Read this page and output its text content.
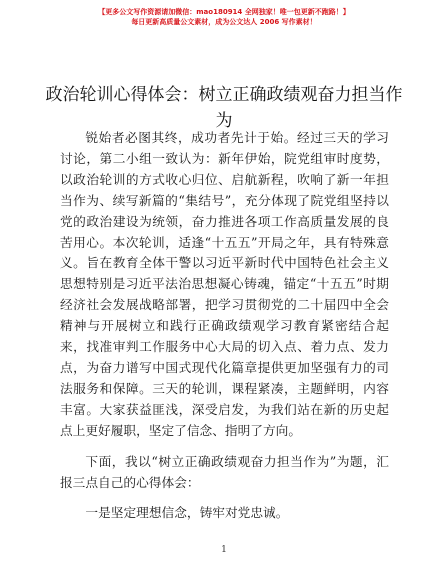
【更多公文写作资源请加微信：mao180914 全网独家！唯一包更新不跑路！】
每日更新高质量公文素材，成为公文达人 2006 写作素材！
政治轮训心得体会：树立正确政绩观奋力担当作为

锐始者必图其终，成功者先计于始。经过三天的学习讨论，第二小组一致认为：新年伊始，院党组审时度势，以政治轮训的方式收心归位、启航新程，吹响了新一年担当作为、续写新篇的“集结号”，充分体现了院党组坚持以党的政治建设为统领，奋力推进各项工作高质量发展的良苦用心。本次轮训，适逢“十五五”开局之年，具有特殊意义。旨在教育全体干警以习近平新时代中国特色社会主义思想特别是习近平法治思想凝心铸魂，锚定“十五五”时期经济社会发展战略部署，把学习贯彻党的二十届四中全会精神与开展树立和践行正确政绩观学习教育紧密结合起来，找准审判工作服务中心大局的切入点、着力点、发力点，为奋力谱写中国式现代化篇章提供更加坚强有力的司法服务和保障。三天的轮训，课程紧凑，主题鲜明，内容丰富。大家获益匪浅，深受启发，为我们站在新的历史起点上更好履职，坚定了信念、指明了方向。

下面，我以“树立正确政绩观奋力担当作为”为题，汇报三点自己的心得体会：

一是坚定理想信念，铸牢对党忠诚。

1
